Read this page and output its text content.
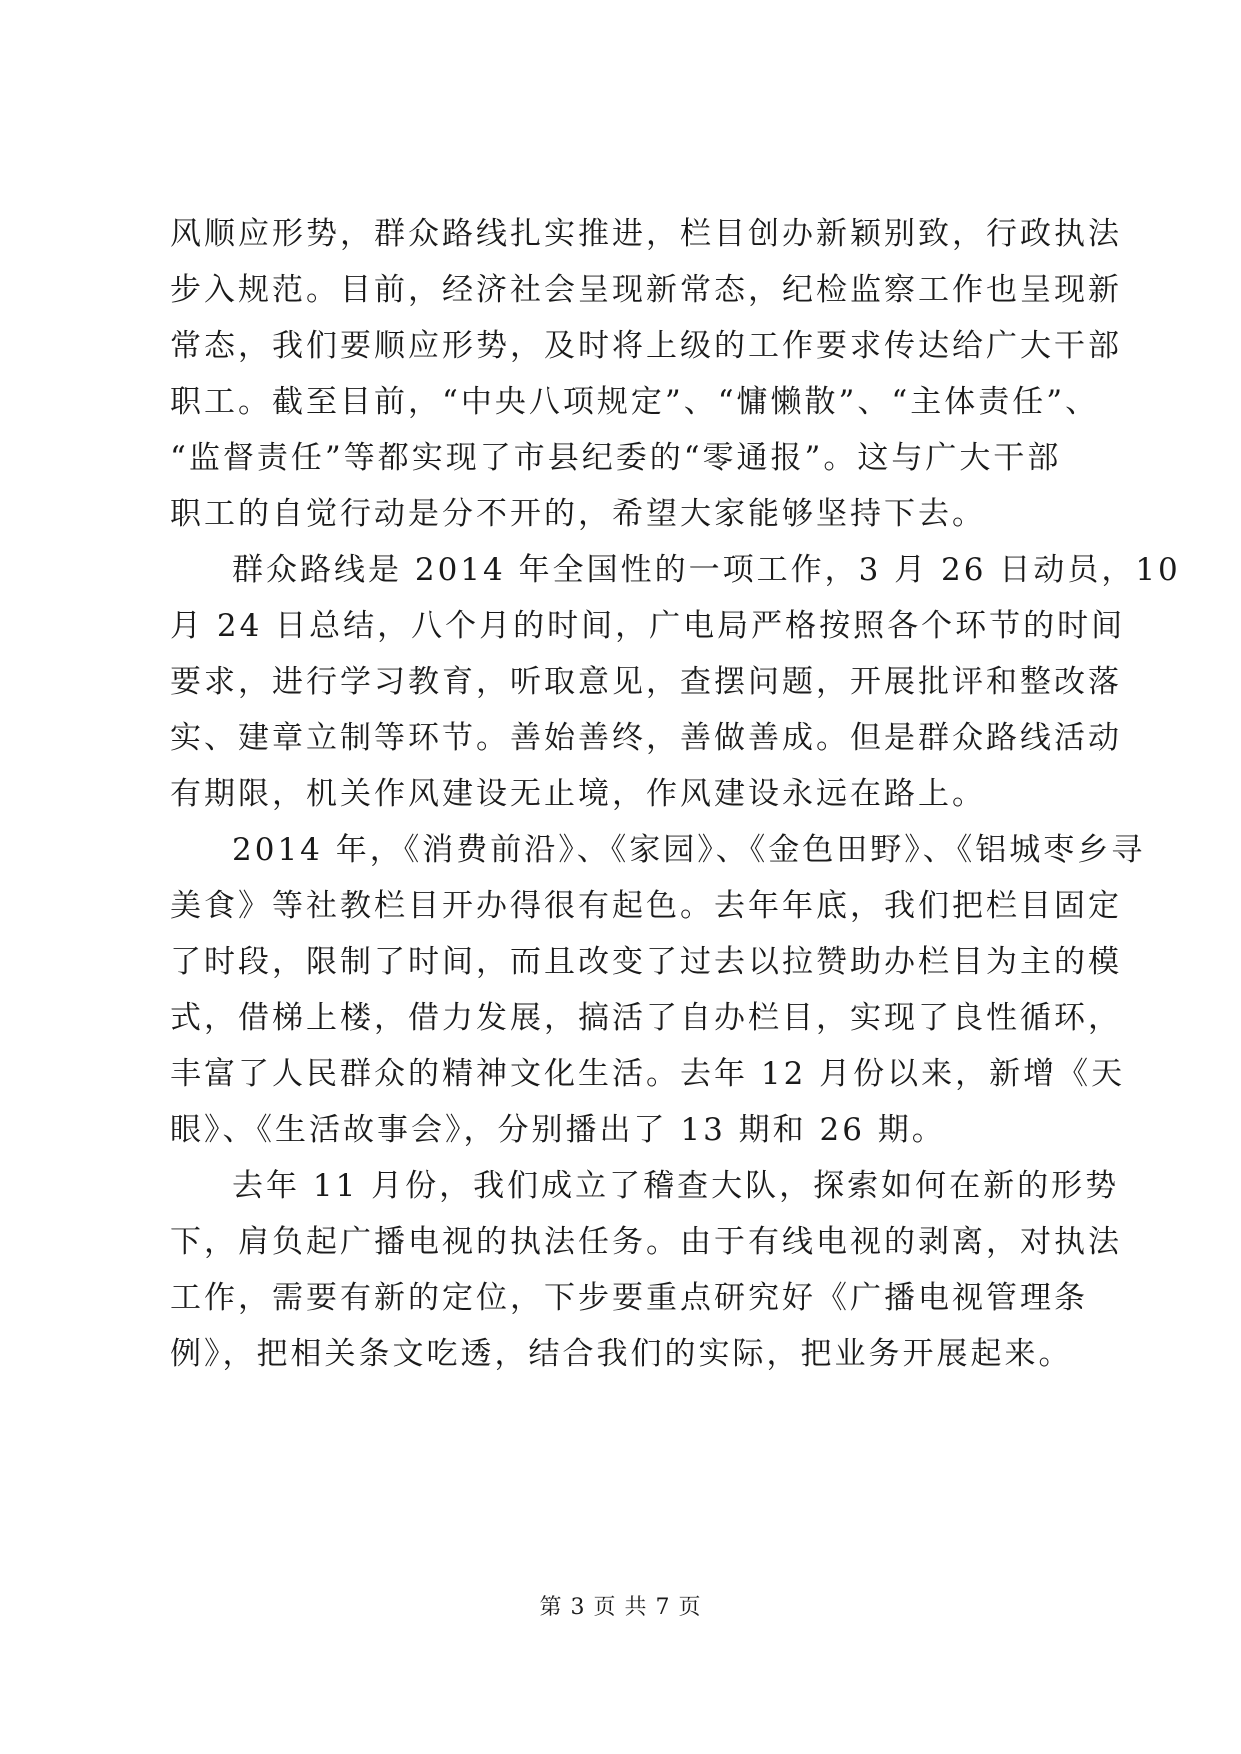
风顺应形势，群众路线扎实推进，栏目创办新颖别致，行政执法
步入规范。目前，经济社会呈现新常态，纪检监察工作也呈现新
常态，我们要顺应形势，及时将上级的工作要求传达给广大干部
职工。截至目前，“中央八项规定”、“慵懒散”、“主体责任”、
“监督责任”等都实现了市县纪委的“零通报”。这与广大干部
职工的自觉行动是分不开的，希望大家能够坚持下去。
群众路线是 2014 年全国性的一项工作，3 月 26 日动员，10
月 24 日总结，八个月的时间，广电局严格按照各个环节的时间
要求，进行学习教育，听取意见，查摆问题，开展批评和整改落
实、建章立制等环节。善始善终，善做善成。但是群众路线活动
有期限，机关作风建设无止境，作风建设永远在路上。
2014 年，《消费前沿》、《家园》、《金色田野》、《铝城枣乡寻
美食》等社教栏目开办得很有起色。去年年底，我们把栏目固定
了时段，限制了时间，而且改变了过去以拉赞助办栏目为主的模
式，借梯上楼，借力发展，搞活了自办栏目，实现了良性循环，
丰富了人民群众的精神文化生活。去年 12 月份以来，新增《天
眼》、《生活故事会》，分别播出了 13 期和 26 期。
去年 11 月份，我们成立了稽查大队，探索如何在新的形势
下，肩负起广播电视的执法任务。由于有线电视的剥离，对执法
工作，需要有新的定位，下步要重点研究好《广播电视管理条
例》，把相关条文吃透，结合我们的实际，把业务开展起来。
第 3 页 共 7 页
